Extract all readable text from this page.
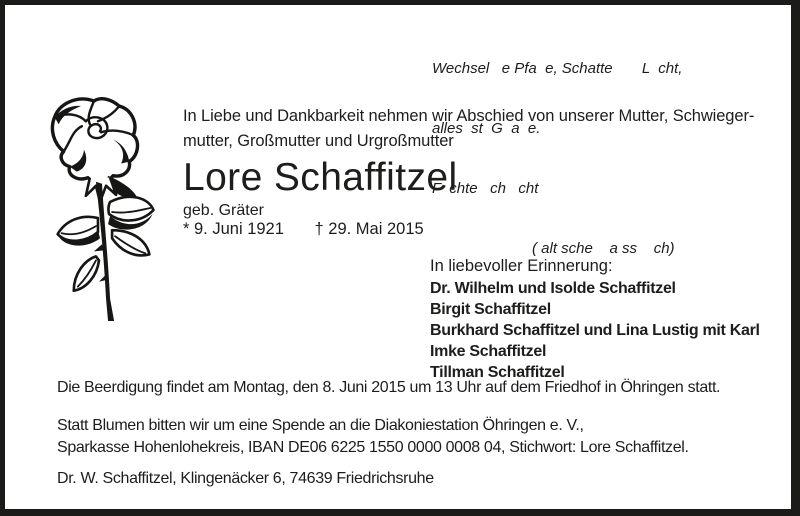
Wechsel   e Pfa  e, Schatte       L  cht,

alles  st  G  a  e.

F  chte   ch   cht

( alt sche    a ss    ch)

In Liebe und Dankbarkeit nehmen wir Abschied von unserer Mutter, Schwieger-
mutter, Großmutter und Urgroßmutter
Lore Schaffitzel
geb. Gräter
* 9. Juni 1921 † 29. Mai 2015
In liebevoller Erinnerung:
Dr. Wilhelm und Isolde Schaffitzel
Birgit Schaffitzel
Burkhard Schaffitzel und Lina Lustig mit Karl
Imke Schaffitzel
Tillman Schaffitzel
Die Beerdigung findet am Montag, den 8. Juni 2015 um 13 Uhr auf dem Friedhof in Öhringen statt.
Statt Blumen bitten wir um eine Spende an die Diakoniestation Öhringen e. V.,
Sparkasse Hohenlohekreis, IBAN DE06 6225 1550 0000 0008 04, Stichwort: Lore Schaffitzel.
Dr. W. Schaffitzel, Klingenäcker 6, 74639 Friedrichsruhe
